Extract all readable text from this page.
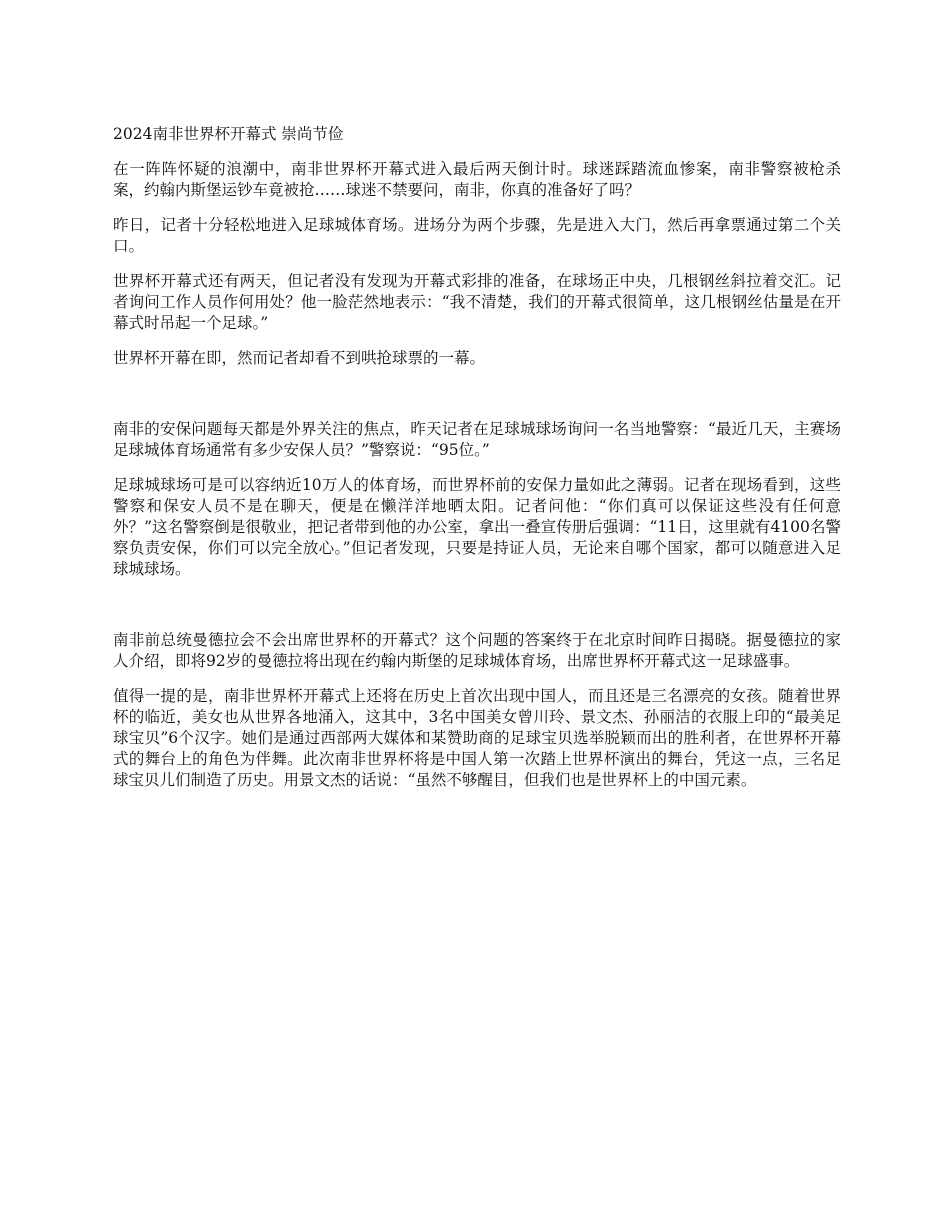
2024南非世界杯开幕式 崇尚节俭

在一阵阵怀疑的浪潮中，南非世界杯开幕式进入最后两天倒计时。球迷踩踏流血惨案，南非警察被枪杀案，约翰内斯堡运钞车竟被抢……球迷不禁要问，南非，你真的准备好了吗？

昨日，记者十分轻松地进入足球城体育场。进场分为两个步骤，先是进入大门，然后再拿票通过第二个关口。

世界杯开幕式还有两天，但记者没有发现为开幕式彩排的准备，在球场正中央，几根钢丝斜拉着交汇。记者询问工作人员作何用处？他一脸茫然地表示：“我不清楚，我们的开幕式很简单，这几根钢丝估量是在开幕式时吊起一个足球。”

世界杯开幕在即，然而记者却看不到哄抢球票的一幕。

南非的安保问题每天都是外界关注的焦点，昨天记者在足球城球场询问一名当地警察：“最近几天，主赛场足球城体育场通常有多少安保人员？”警察说：“95位。”

足球城球场可是可以容纳近10万人的体育场，而世界杯前的安保力量如此之薄弱。记者在现场看到，这些警察和保安人员不是在聊天，便是在懒洋洋地晒太阳。记者问他：“你们真可以保证这些没有任何意外？”这名警察倒是很敬业，把记者带到他的办公室，拿出一叠宣传册后强调：“11日，这里就有4100名警察负责安保，你们可以完全放心。”但记者发现，只要是持证人员，无论来自哪个国家，都可以随意进入足球城球场。

南非前总统曼德拉会不会出席世界杯的开幕式？这个问题的答案终于在北京时间昨日揭晓。据曼德拉的家人介绍，即将92岁的曼德拉将出现在约翰内斯堡的足球城体育场，出席世界杯开幕式这一足球盛事。

值得一提的是，南非世界杯开幕式上还将在历史上首次出现中国人，而且还是三名漂亮的女孩。随着世界杯的临近，美女也从世界各地涌入，这其中，3名中国美女曾川玲、景文杰、孙丽洁的衣服上印的“最美足球宝贝”6个汉字。她们是通过西部两大媒体和某赞助商的足球宝贝选举脱颖而出的胜利者，在世界杯开幕式的舞台上的角色为伴舞。此次南非世界杯将是中国人第一次踏上世界杯演出的舞台，凭这一点，三名足球宝贝儿们制造了历史。用景文杰的话说：“虽然不够醒目，但我们也是世界杯上的中国元素。
